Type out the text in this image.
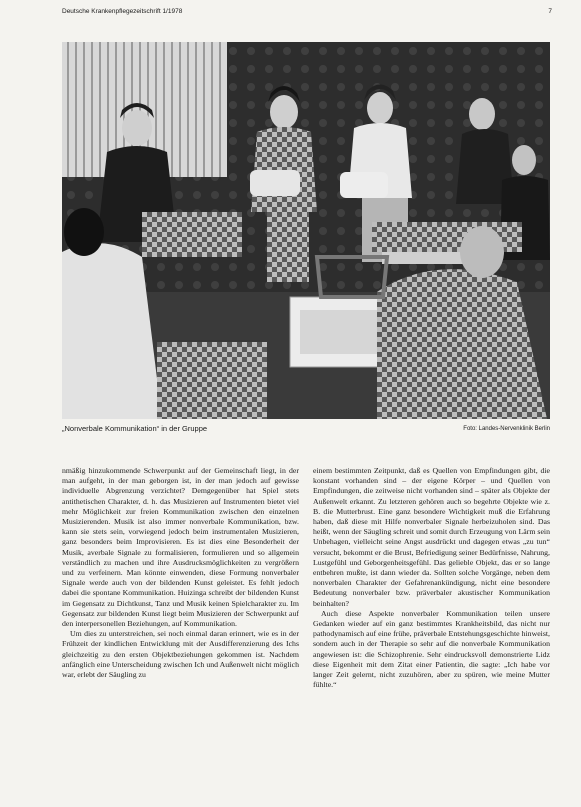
Deutsche Krankenpflegezeitschrift 1/1978	7
„Nonverbale Kommunikation“ in der Gruppe	Foto: Landes-Nervenklinik Berlin

nmäßig hinzukommende Schwerpunkt auf der Gemeinschaft liegt, in der man aufgeht, in der man geborgen ist, in der man jedoch auf gewisse individuelle Abgrenzung verzichtet? Demgegenüber hat Spiel stets antithetischen Charakter, d. h. das Musizieren auf Instrumenten bietet viel mehr Möglichkeit zur freien Kommunikation zwischen den einzelnen Musizierenden. Musik ist also immer nonverbale Kommunikation, bzw. kann sie stets sein, vorwiegend jedoch beim instrumentalen Musizieren, ganz besonders beim Improvisieren. Es ist dies eine Besonderheit der Musik, averbale Signale zu formalisieren, formulieren und so allgemein verständlich zu machen und ihre Ausdrucksmöglichkeiten zu vergrößern und zu verfeinern. Man könnte einwenden, diese Formung nonverbaler Signale werde auch von der bildenden Kunst geleistet. Es fehlt jedoch dabei die spontane Kommunikation. Huizinga schreibt der bildenden Kunst im Gegensatz zu Dichtkunst, Tanz und Musik keinen Spielcharakter zu. Im Gegensatz zur bildenden Kunst liegt beim Musizieren der Schwerpunkt auf den interpersonellen Beziehungen, auf Kommunikation.

Um dies zu unterstreichen, sei noch einmal daran erinnert, wie es in der Frühzeit der kindlichen Entwicklung mit der Ausdifferenzierung des Ichs gleichzeitig zu den ersten Objektbeziehungen gekommen ist. Nachdem anfänglich eine Unterscheidung zwischen Ich und Außenwelt nicht möglich war, erlebt der Säugling zu

einem bestimmten Zeitpunkt, daß es Quellen von Empfindungen gibt, die konstant vorhanden sind – der eigene Körper – und Quellen von Empfindungen, die zeitweise nicht vorhanden sind – später als Objekte der Außenwelt erkannt. Zu letzteren gehören auch so begehrte Objekte wie z. B. die Mutterbrust. Eine ganz besondere Wichtigkeit muß die Erfahrung haben, daß diese mit Hilfe nonverbaler Signale herbeizuholen sind. Das heißt, wenn der Säugling schreit und somit durch Erzeugung von Lärm sein Unbehagen, vielleicht seine Angst ausdrückt und dagegen etwas „zu tun“ versucht, bekommt er die Brust, Befriedigung seiner Bedürfnisse, Nahrung, Lustgefühl und Geborgenheitsgefühl. Das gelieble Objekt, das er so lange entbehren mußte, ist dann wieder da. Sollten solche Vorgänge, neben dem nonverbalen Charakter der Gefahrenankündigung, nicht eine besondere Bedeutung nonverbaler bzw. präverbaler akustischer Kommunikation beinhalten?

Auch diese Aspekte nonverbaler Kommunikation teilen unsere Gedanken wieder auf ein ganz bestimmtes Krankheitsbild, das nicht nur pathodynamisch auf eine frühe, präverbale Entstehungsgeschichte hinweist, sondern auch in der Therapie so sehr auf die nonverbale Kommunikation angewiesen ist: die Schizophrenie. Sehr eindrucksvoll demonstrierte Lidz diese Eigenheit mit dem Zitat einer Patientin, die sagte: „Ich habe vor langer Zeit gelernt, nicht zuzuhören, aber zu spüren, wie meine Mutter fühlte.“
